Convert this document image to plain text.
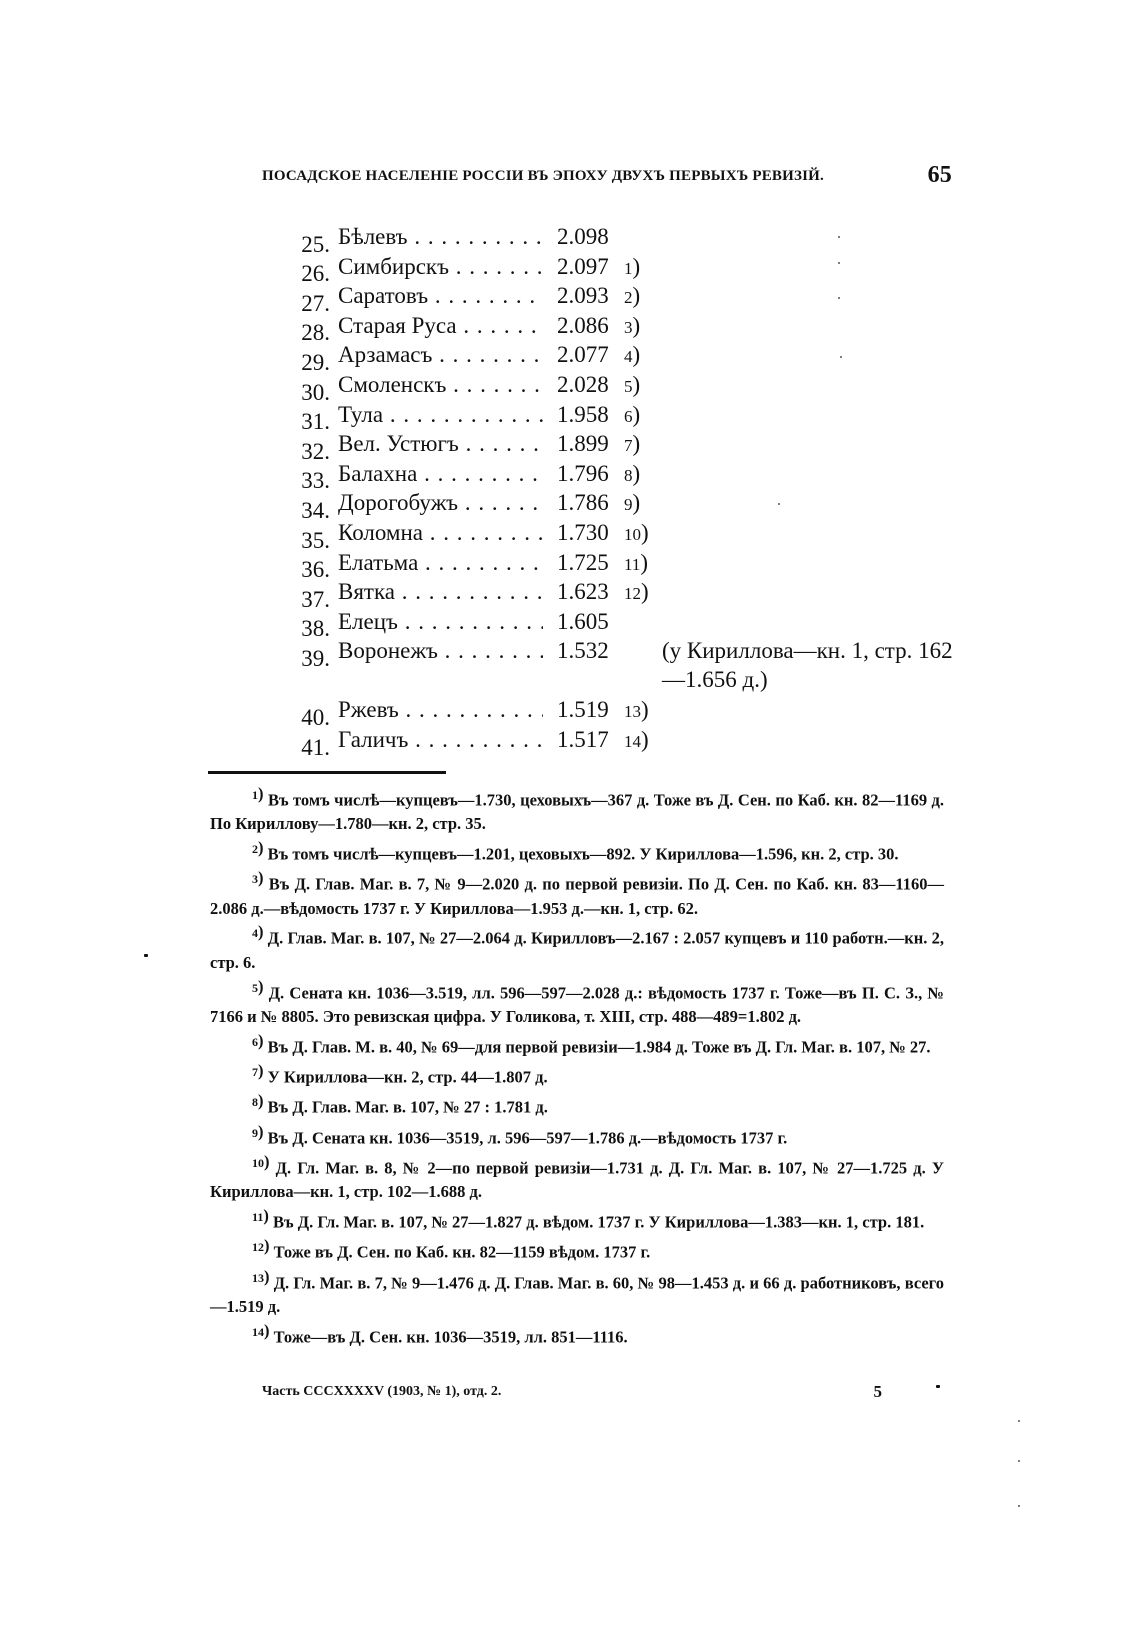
ПОСАДСКОЕ НАСЕЛЕНІЕ РОССІИ ВЪ ЭПОХУ ДВУХЪ ПЕРВЫХЪ РЕВИЗІЙ.	65
25. Бѣлевъ . . .	2.098
26. Симбирскъ . . .	2.097 1 )
27. Саратовъ . . .	2.093 2 )
28. Старая Руса . . .	2.086 3 )
29. Арзамасъ . . .	2.077 4 )
30. Смоленскъ . . .	2.028 5 )
31. Тула . . .	1.958 6 )
32. Вел. Устюгъ . . .	1.899 7 )
33. Балахна . . .	1.796 8 )
34. Дорогобужъ . . .	1.786 9 )
35. Коломна . . .	1.730 10 )
36. Елатьма . . .	1.725 11 )
37. Вятка . . .	1.623 12 )
38. Елецъ . . .	1.605
39. Воронежъ . . .	1.532 (у Кириллова—кн. 1, стр. 162—1.656 д.)
40. Ржевъ . . .	1.519 13 )
41. Галичъ . . .	1.517 14 )
$^1$ ) Въ томъ числѣ—купцевъ—1.730, цеховыхъ—367 д. Тоже въ Д. Сен. по Каб. кн. 82—1169 д. По Кириллову—1.780—кн. 2, стр. 35.
$^2$ ) Въ томъ числѣ—купцевъ—1.201, цеховыхъ—892. У Кириллова—1.596, кн. 2, стр. 30.
$^3$ ) Въ Д. Глав. Маг. в. 7, № 9—2.020 д. по первой ревизіи. По Д. Сен. по Каб. кн. 83—1160—2.086 д.—вѣдомость 1737 г. У Кириллова—1.953 д.—кн. 1, стр. 62.
$^4$ ) Д. Глав. Маг. в. 107, № 27—2.064 д. Кирилловъ—2.167 : 2.057 купцевъ и 110 работн.—кн. 2, стр. 6.
$^5$ ) Д. Сената кн. 1036—3.519, лл. 596—597—2.028 д.: вѣдомость 1737 г. Тоже—въ П. С. З., № 7166 и № 8805. Это ревизская цифра. У Голикова, т. XIII, стр. 488—489=1.802 д.
$^6$ ) Въ Д. Глав. М. в. 40, № 69—для первой ревизіи—1.984 д. Тоже въ Д. Гл. Маг. в. 107, № 27.
$^7$ ) У Кириллова—кн. 2, стр. 44—1.807 д.
$^8$ ) Въ Д. Глав. Маг. в. 107, № 27 : 1.781 д.
$^9$ ) Въ Д. Сената кн. 1036—3519, л. 596—597—1.786 д.—вѣдомость 1737 г.
$^{10}$ ) Д. Гл. Маг. в. 8, № 2—по первой ревизіи—1.731 д. Д. Гл. Маг. в. 107, № 27—1.725 д. У Кириллова—кн. 1, стр. 102—1.688 д.
$^{11}$ ) Въ Д. Гл. Маг. в. 107, № 27—1.827 д. вѣдом. 1737 г. У Кириллова—1.383—кн. 1, стр. 181.
$^{12}$ ) Тоже въ Д. Сен. по Каб. кн. 82—1159 вѣдом. 1737 г.
$^{13}$ ) Д. Гл. Маг. в. 7, № 9—1.476 д. Д. Глав. Маг. в. 60, № 98—1.453 д. и 66 д. работниковъ, всего—1.519 д.
$^{14}$ ) Тоже—въ Д. Сен. кн. 1036—3519, лл. 851—1116.
Часть CCCXXXXV (1903, № 1), отд. 2.	5
